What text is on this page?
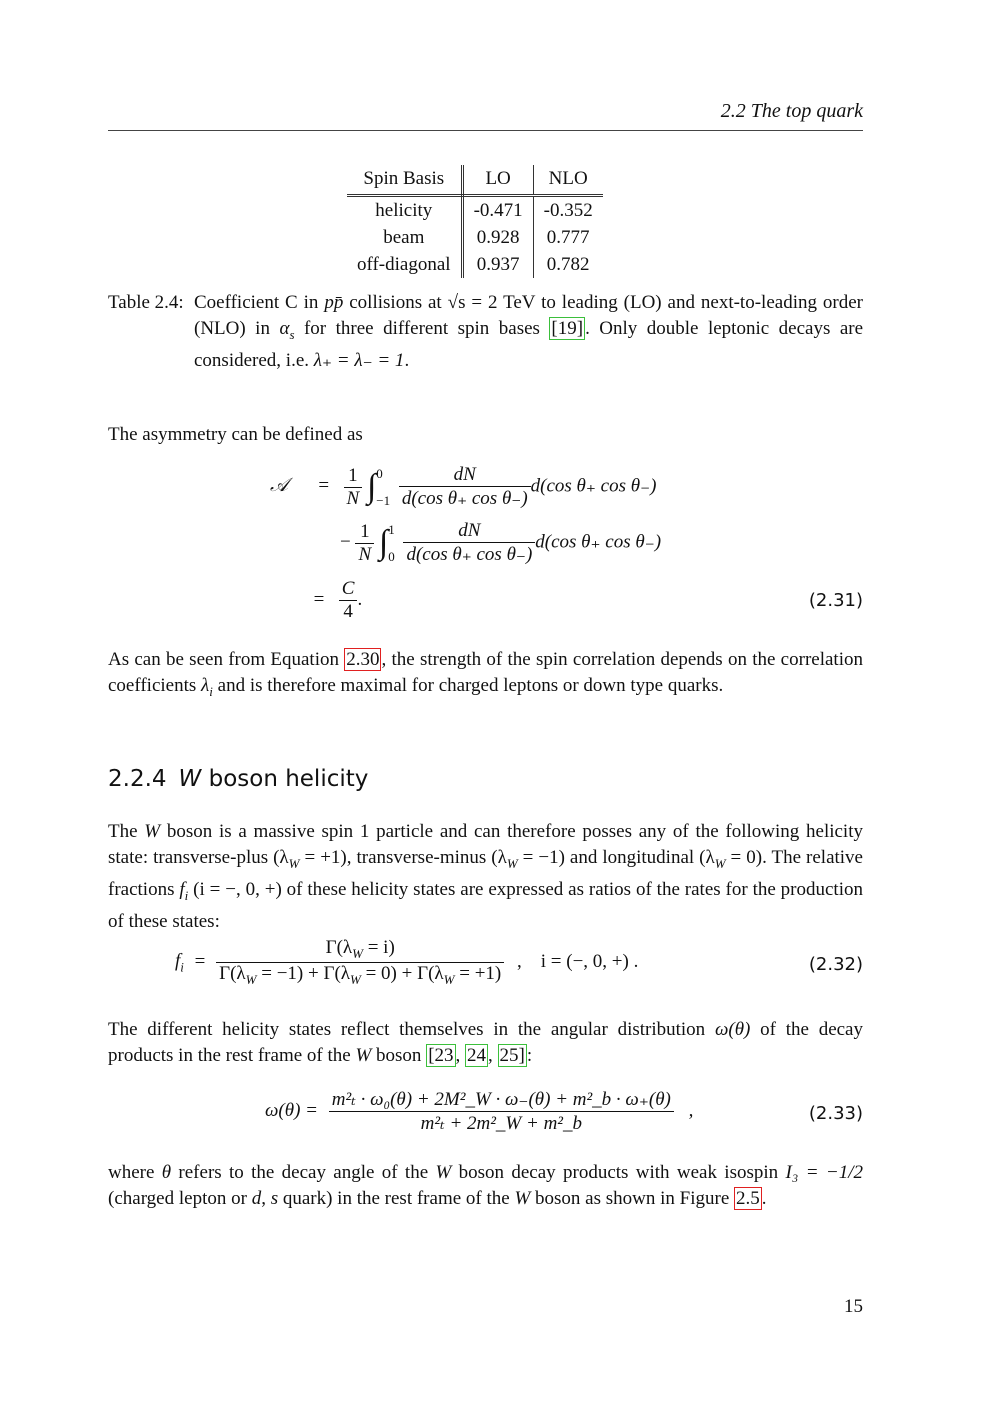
2.2 The top quark
Spin Basis	LO	NLO
helicity	-0.471	-0.352
beam	0.928	0.777
off-diagonal	0.937	0.782
Table 2.4: Coefficient C in pp̄ collisions at √s = 2 TeV to leading (LO) and next-to-leading order (NLO) in $\alpha_s$ for three different spin bases [19] . Only double leptonic decays are considered, i.e. λ₊ = λ₋ = 1.
The asymmetry can be defined as
𝒜 = $\frac{1}{N}$ ∫ 0
−1
$\frac{dN}{\text{d(cos θ₊ cos θ₋)}} d(\cos$ θ₊ cos θ₋)
− $\frac{1}{N}$ ∫ 1
0
$\frac{dN}{\text{d(cos θ₊ cos θ₋)}} d(\cos$ θ₊ cos θ₋)
= $\frac{C}{4}$ .	(2.31)
As can be seen from Equation 2.30 , the strength of the spin correlation depends on the correlation coefficients $\lambda_i$ and is therefore maximal for charged leptons or down type quarks.
2.2.4 W boson helicity
The W boson is a massive spin 1 particle and can therefore posses any of the following helicity state: transverse-plus $(\lambda_W = +1)$, transverse-minus $(\lambda_W = -1)$ and longitudinal $(\lambda_W = 0)$. The relative fractions $f_i$ (i = −, 0, +) of these helicity states are expressed as ratios of the rates for the production of these states:
$f_i = \frac{\Gamma(\lambda_W = i)}{\Gamma(\lambda_W = -1) + \Gamma(\lambda_W = 0) + \Gamma(\lambda_W = +1)}$ ,    i = (−, 0, +) .	(2.32)
The different helicity states reflect themselves in the angular distribution ω(θ) of the decay products in the rest frame of the W boson [23 , 24 , 25] :
$\omega(\theta) = \frac{\text{m²ₜ · ω₀(θ) + 2M²\_W · ω₋(θ) + m²\_b · ω₊(θ)}}{\text{m²ₜ + 2m²\_W + m²\_b}}$ ,	(2.33)
where θ refers to the decay angle of the W boson decay products with weak isospin I₃ = −1/2 (charged lepton or d, s quark) in the rest frame of the W boson as shown in Figure 2.5 .
15
